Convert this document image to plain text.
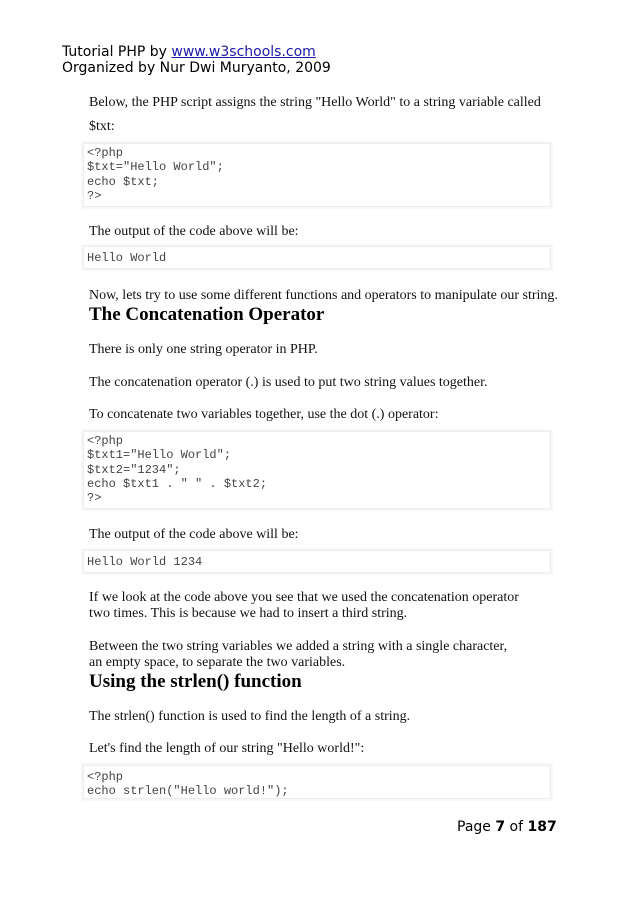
Tutorial PHP by www.w3schools.com
Organized by Nur Dwi Muryanto, 2009
Below, the PHP script assigns the string "Hello World" to a string variable called
$txt:
<?php
$txt="Hello World";
echo $txt;
?>
The output of the code above will be:
Hello World
Now, lets try to use some different functions and operators to manipulate our string.
The Concatenation Operator
There is only one string operator in PHP.
The concatenation operator (.) is used to put two string values together.
To concatenate two variables together, use the dot (.) operator:
<?php
$txt1="Hello World";
$txt2="1234";
echo $txt1 . " " . $txt2;
?>
The output of the code above will be:
Hello World 1234
If we look at the code above you see that we used the concatenation operator two times. This is because we had to insert a third string.
Between the two string variables we added a string with a single character, an empty space, to separate the two variables.
Using the strlen() function
The strlen() function is used to find the length of a string.
Let's find the length of our string "Hello world!":
<?php
echo strlen("Hello world!");
Page 7 of 187
